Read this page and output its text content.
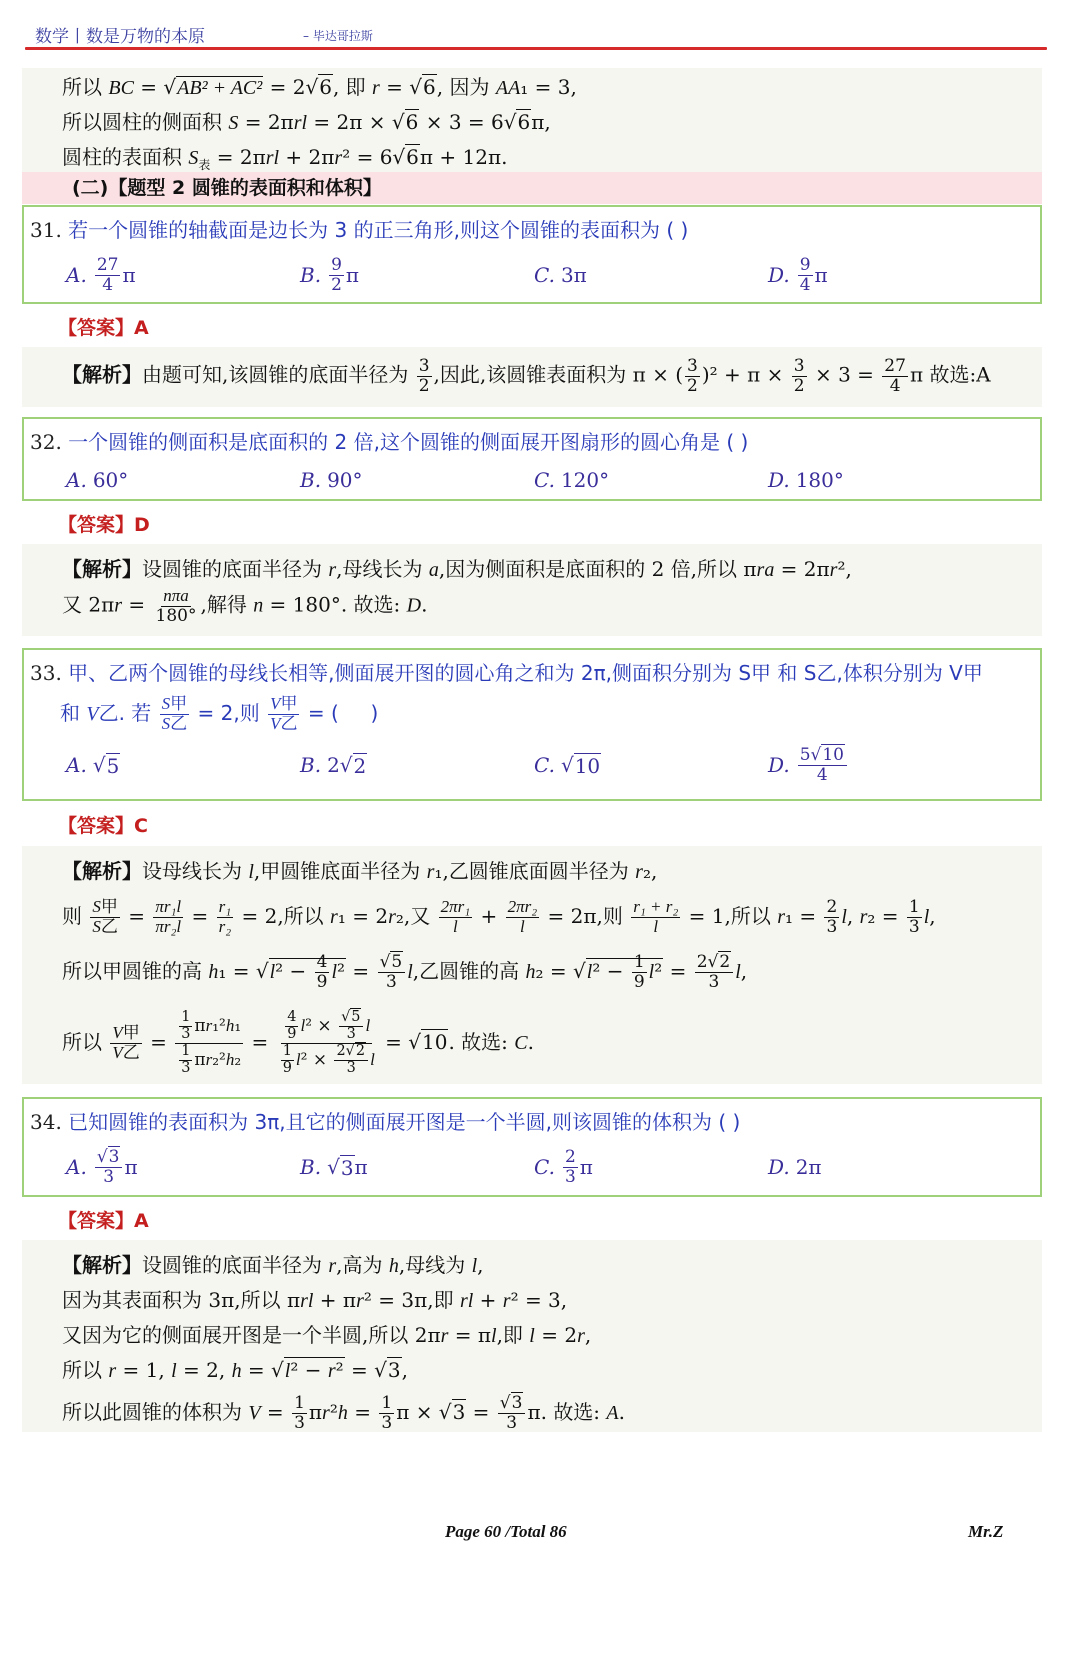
数学丨数是万物的本原	– 毕达哥拉斯
所以 BC = √AB² + AC² = 2√6, 即 r = √6, 因为 AA₁ = 3,
所以圆柱的侧面积 S = 2πrl = 2π × √6 × 3 = 6√6π,
圆柱的表面积 $S_表 = 2\pi rl + 2\pi r^2 = 6√6\pi + 12\pi$.
(二)【题型 2 圆锥的表面积和体积】
31. 若一个圆锥的轴截面是边长为 3 的正三角形,则这个圆锥的表面积为 ( )
A. $\frac{27}{4}$ π	B. $\frac{9}{2}$ π	C. 3π	D. $\frac{9}{4}$ π
【答案】A
【解析】由题可知,该圆锥的底面半径为 $\frac{3}{2}$ ,因此,该圆锥表面积为 π × ( $\frac{3}{2} )^2 + \pi \times \frac{3}{2} \times 3 = \frac{27}{4}$ π 故选:A
32. 一个圆锥的侧面积是底面积的 2 倍,这个圆锥的侧面展开图扇形的圆心角是 ( )
A. 60°	B. 90°	C. 120°	D. 180°
【答案】D
【解析】设圆锥的底面半径为 r,母线长为 a,因为侧面积是底面积的 2 倍,所以 πra = 2πr²,
又 $2\pi r = \frac{\text{nπa}}{180^\circ}$ ,解得 n = 180°. 故选: D.
33. 甲、乙两个圆锥的母线长相等,侧面展开图的圆心角之和为 2π,侧面积分别为 S甲 和 S乙,体积分别为 V甲
和 V乙. 若 $\frac{\text{S甲}}{\text{S乙}} = 2$,则 $\frac{\text{V甲}}{\text{V乙}}$ = (     )
A. √ 5	B. 2√ 2	C. √ 10	D. $\frac{5√10}{4}$
【答案】C
【解析】设母线长为 l,甲圆锥底面半径为 r₁,乙圆锥底面圆半径为 r₂,
则 $\frac{\text{S甲}}{\text{S乙}} = \frac{\text{πr₁l}}{\text{πr₂l}} = \frac{\text{r₁}}{\text{r₂}} = 2$,所以 r₁ = 2r₂,又 $\frac{\text{2πr₁}}{l} + \frac{\text{2πr₂}}{l} = 2\pi$,则 $\frac{\text{r₁ + r₂}}{l} = 1$,所以 $r_1 = \frac{2}{3} l$, $r_2 = \frac{1}{3} l$,
所以甲圆锥的高 $h_1 = √l^2 - \frac{4}{9} l^2 = \frac{√5}{3} l$,乙圆锥的高 $h_2 = √l^2 - \frac{1}{9} l^2 = \frac{2√2}{3} l$,
所以 $\frac{\text{V甲}}{\text{V乙}} = \frac{\frac{1}{3} \pi r_1^2h_1}{\frac{1}{3} \pi r_2^2h_2} = \frac{\frac{4}{9} l^2 \times \frac{√5}{3} l}{\frac{1}{9} l^2 \times \frac{2√2}{3} l} = √10$. 故选: C.
34. 已知圆锥的表面积为 3π,且它的侧面展开图是一个半圆,则该圆锥的体积为 ( )
A. $\frac{√3}{3}$ π	B. √ 3 π	C. $\frac{2}{3}$ π	D. 2π
【答案】A
【解析】设圆锥的底面半径为 r,高为 h,母线为 l,
因为其表面积为 3π,所以 πrl + πr² = 3π,即 rl + r² = 3,
又因为它的侧面展开图是一个半圆,所以 2πr = πl,即 l = 2r,
所以 r = 1, l = 2, h = √l² − r² = √3,
所以此圆锥的体积为 $V = \frac{1}{3} \pi r^2h = \frac{1}{3}$ $\pi \times √3 = \frac{√3}{3} \pi$. 故选: A.
Page 60 /Total 86	Mr.Z
